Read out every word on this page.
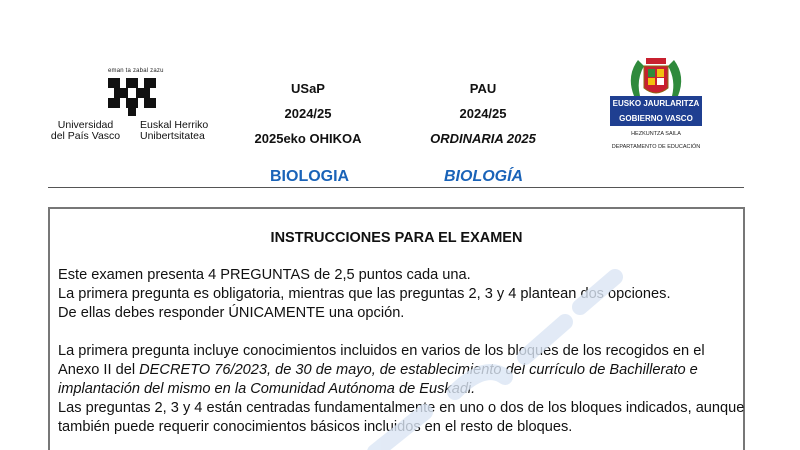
eman ta zabal zazu
Universidad
del País Vasco
Euskal Herriko
Unibertsitatea
USaP
2024/25
2025eko OHIKOA
PAU
2024/25
ORDINARIA 2025
BIOLOGIA	BIOLOGÍA
EUSKO JAURLARITZA
GOBIERNO VASCO
HEZKUNTZA SAILA
DEPARTAMENTO DE EDUCACIÓN
INSTRUCCIONES PARA EL EXAMEN
Este examen presenta 4 PREGUNTAS de 2,5 puntos cada una.
La primera pregunta es obligatoria, mientras que las preguntas 2, 3 y 4 plantean dos opciones.
De ellas debes responder ÚNICAMENTE una opción.
La primera pregunta incluye conocimientos incluidos en varios de los bloques de los recogidos en el Anexo II del DECRETO 76/2023, de 30 de mayo, de establecimiento del currículo de Bachillerato e implantación del mismo en la Comunidad Autónoma de Euskadi.
Las preguntas 2, 3 y 4 están centradas fundamentalmente en uno o dos de los bloques indicados, aunque también puede requerir conocimientos básicos incluidos en el resto de bloques.
